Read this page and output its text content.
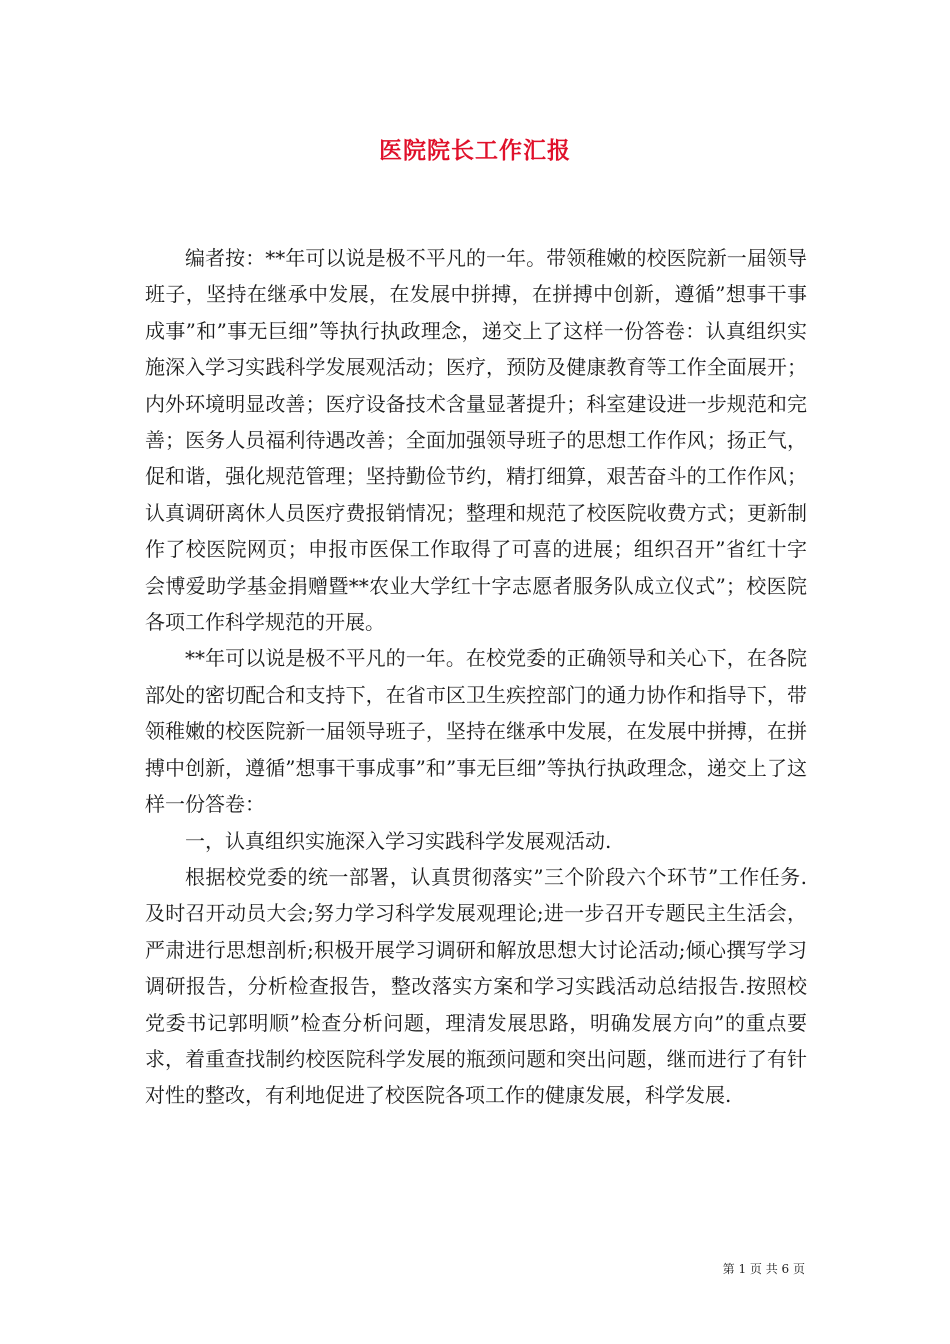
医院院长工作汇报

编者按：**年可以说是极不平凡的一年。带领稚嫩的校医院新一届领导班子，坚持在继承中发展，在发展中拼搏，在拼搏中创新，遵循”想事干事成事”和”事无巨细”等执行执政理念，递交上了这样一份答卷：认真组织实施深入学习实践科学发展观活动；医疗，预防及健康教育等工作全面展开；内外环境明显改善；医疗设备技术含量显著提升；科室建设进一步规范和完善；医务人员福利待遇改善；全面加强领导班子的思想工作作风；扬正气，促和谐，强化规范管理；坚持勤俭节约，精打细算，艰苦奋斗的工作作风；认真调研离休人员医疗费报销情况；整理和规范了校医院收费方式；更新制作了校医院网页；申报市医保工作取得了可喜的进展；组织召开”省红十字会博爱助学基金捐赠暨**农业大学红十字志愿者服务队成立仪式”；校医院各项工作科学规范的开展。

**年可以说是极不平凡的一年。在校党委的正确领导和关心下，在各院部处的密切配合和支持下，在省市区卫生疾控部门的通力协作和指导下，带领稚嫩的校医院新一届领导班子，坚持在继承中发展，在发展中拼搏，在拼搏中创新，遵循”想事干事成事”和”事无巨细”等执行执政理念，递交上了这样一份答卷：

一，认真组织实施深入学习实践科学发展观活动.

根据校党委的统一部署，认真贯彻落实”三个阶段六个环节”工作任务.及时召开动员大会;努力学习科学发展观理论;进一步召开专题民主生活会，严肃进行思想剖析;积极开展学习调研和解放思想大讨论活动;倾心撰写学习调研报告，分析检查报告，整改落实方案和学习实践活动总结报告.按照校党委书记郭明顺”检查分析问题，理清发展思路，明确发展方向”的重点要求，着重查找制约校医院科学发展的瓶颈问题和突出问题，继而进行了有针对性的整改，有利地促进了校医院各项工作的健康发展，科学发展.

第 1 页 共 6 页
